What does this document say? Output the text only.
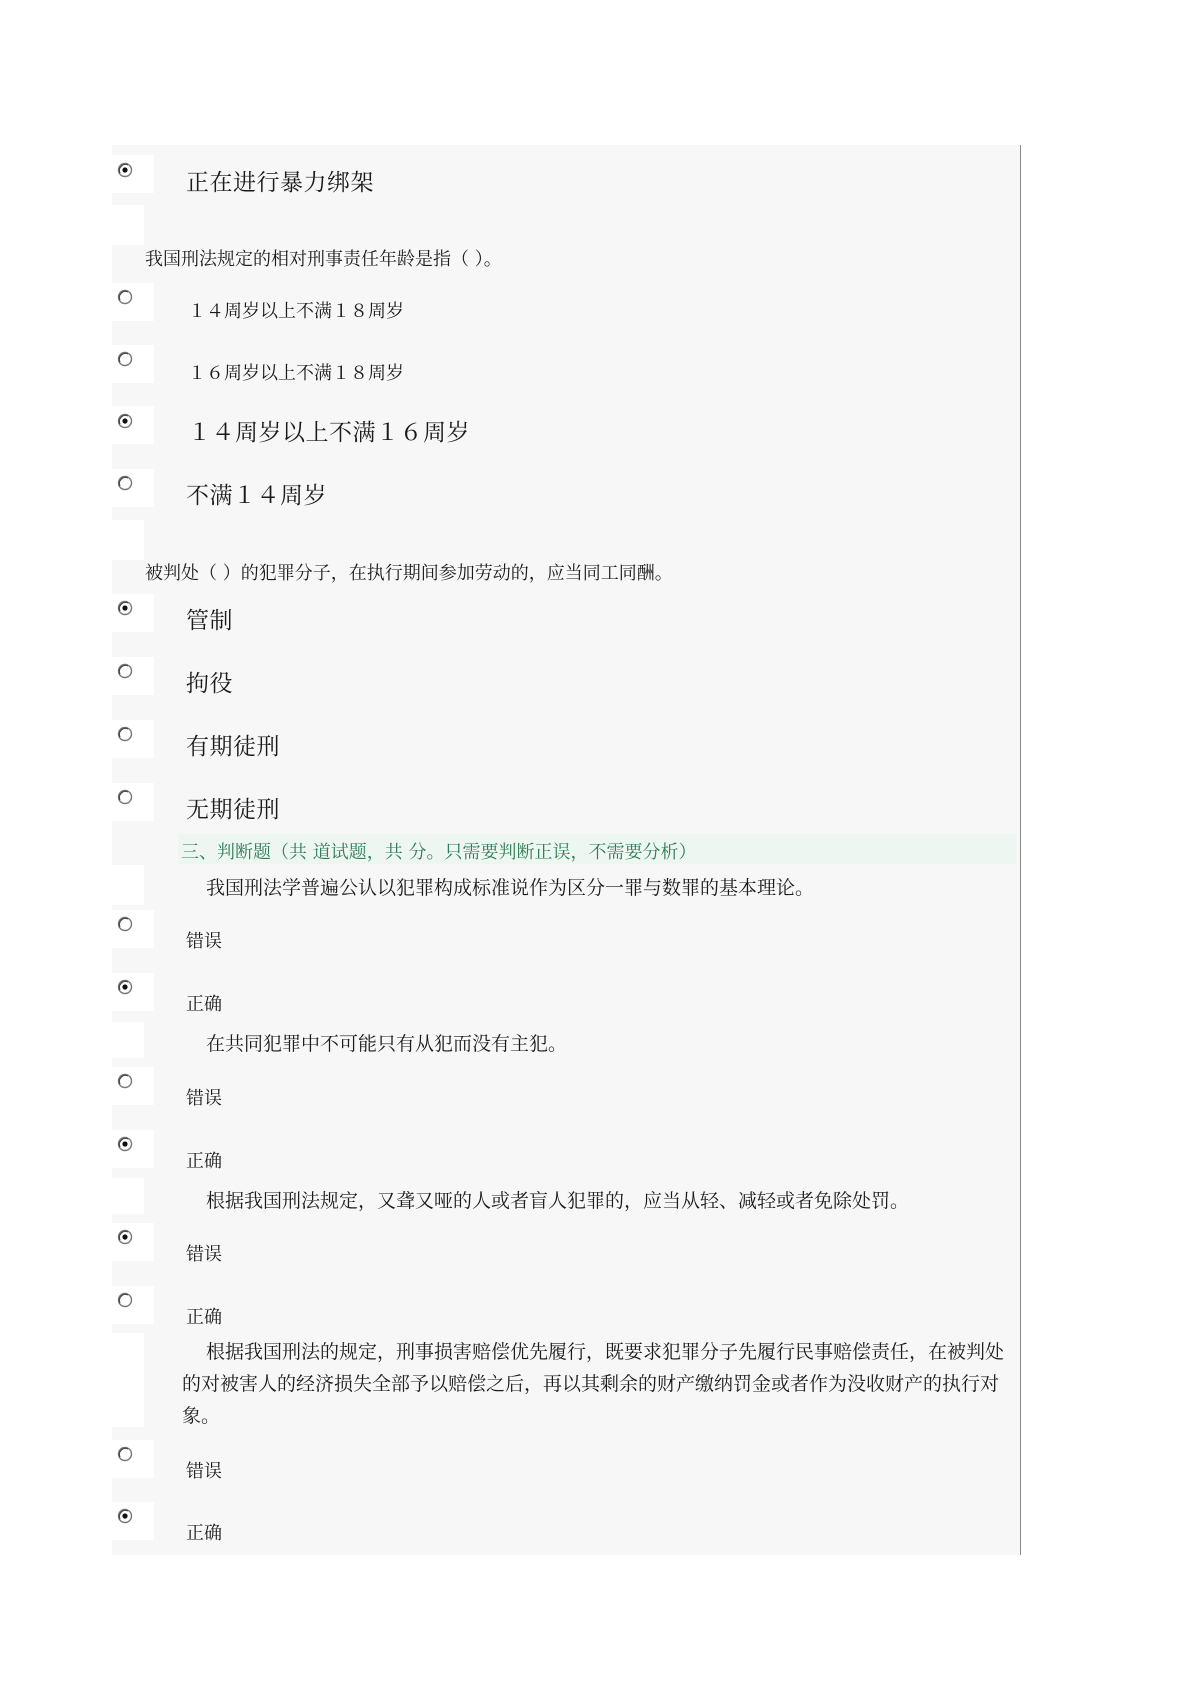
正在进行暴力绑架
我国刑法规定的相对刑事责任年龄是指（ ）。
１４周岁以上不满１８周岁
１６周岁以上不满１８周岁
１４周岁以上不满１６周岁
不满１４周岁
被判处（ ）的犯罪分子，在执行期间参加劳动的，应当同工同酬。
管制
拘役
有期徒刑
无期徒刑
三、判断题（共 道试题，共 分。只需要判断正误，不需要分析）
我国刑法学普遍公认以犯罪构成标准说作为区分一罪与数罪的基本理论。
错误
正确
在共同犯罪中不可能只有从犯而没有主犯。
错误
正确
根据我国刑法规定，又聋又哑的人或者盲人犯罪的，应当从轻、减轻或者免除处罚。
错误
正确
根据我国刑法的规定，刑事损害赔偿优先履行，既要求犯罪分子先履行民事赔偿责任，在被判处的对被害人的经济损失全部予以赔偿之后，再以其剩余的财产缴纳罚金或者作为没收财产的执行对象。
错误
正确
